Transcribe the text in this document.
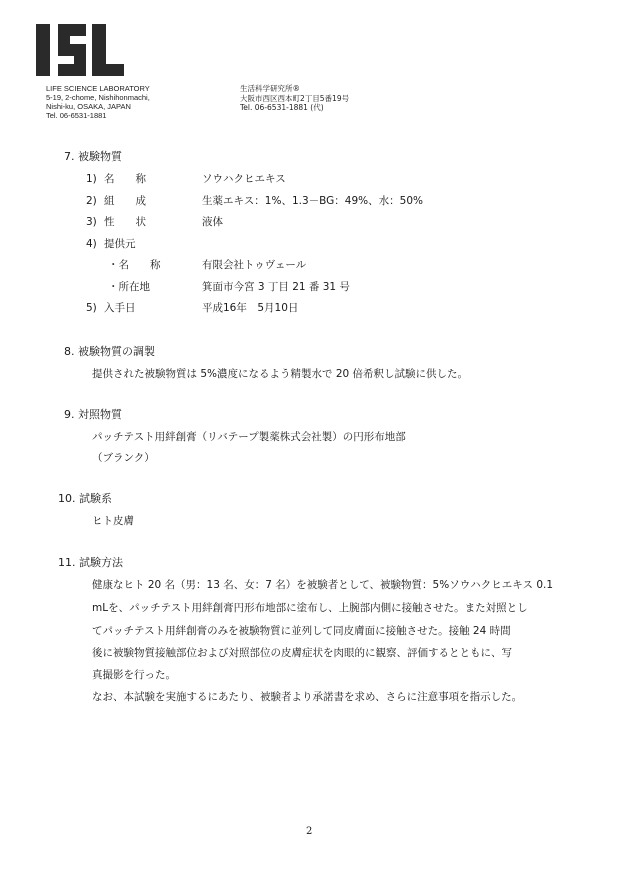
LIFE SCIENCE LABORATORY
5-19, 2-chome, Nishihonmachi,
Nishi-ku, OSAKA, JAPAN
Tel. 06-6531-1881
生活科学研究所®
大阪市西区西本町2丁目5番19号
Tel. 06-6531-1881 (代)
7. 被験物質
1) 名　　称	ソウハクヒエキス
2) 組　　成	生薬エキス：1%、1.3－BG：49%、水：50%
3) 性　　状	液体
4) 提供元
・名　　称	有限会社トゥヴェール
・所在地	箕面市今宮 3 丁目 21 番 31 号
5) 入手日	平成16年　5月10日
8. 被験物質の調製
提供された被験物質は 5%濃度になるよう精製水で 20 倍希釈し試験に供した。
9. 対照物質
パッチテスト用絆創膏（リバテープ製薬株式会社製）の円形布地部
（ブランク）
10. 試験系
ヒト皮膚
11. 試験方法
健康なヒト 20 名（男：13 名、女：7 名）を被験者として、被験物質：5%ソウハクヒエキス 0.1
mLを、パッチテスト用絆創膏円形布地部に塗布し、上腕部内側に接触させた。また対照とし
てパッチテスト用絆創膏のみを被験物質に並列して同皮膚面に接触させた。接触 24 時間
後に被験物質接触部位および対照部位の皮膚症状を肉眼的に観察、評価するとともに、写
真撮影を行った。
なお、本試験を実施するにあたり、被験者より承諾書を求め、さらに注意事項を指示した。
2
